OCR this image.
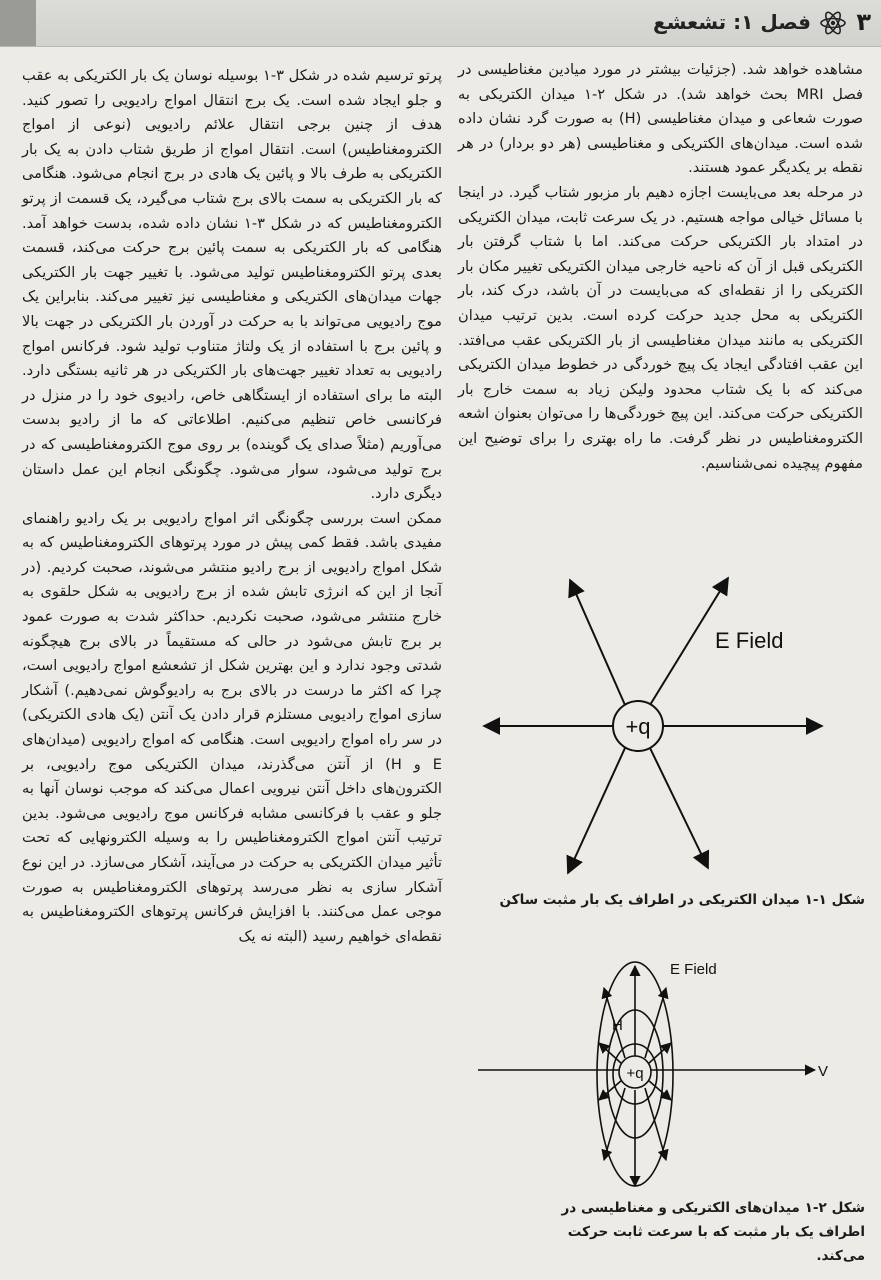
٣
فصل ۱: تشعشع

مشاهده خواهد شد. (جزئیات بیشتر در مورد میادین مغناطیسی در فصل MRI بحث خواهد شد). در شکل ۲-۱ میدان الکتریکی به صورت شعاعی و میدان مغناطیسی (H) به صورت گرد نشان داده شده است. میدان‌های الکتریکی و مغناطیسی (هر دو بردار) در هر نقطه بر یکدیگر عمود هستند.

در مرحله بعد می‌بایست اجازه دهیم بار مزبور شتاب گیرد. در اینجا با مسائل خیالی مواجه هستیم. در یک سرعت ثابت، میدان الکتریکی در امتداد بار الکتریکی حرکت می‌کند. اما با شتاب گرفتن بار الکتریکی قبل از آن که ناحیه خارجی میدان الکتریکی تغییر مکان بار الکتریکی را از نقطه‌ای که می‌بایست در آن باشد، درک کند، بار الکتریکی به محل جدید حرکت کرده است. بدین ترتیب میدان الکتریکی به مانند میدان مغناطیسی از بار الکتریکی عقب می‌افتد. این عقب افتادگی ایجاد یک پیچ خوردگی در خطوط میدان الکتریکی می‌کند که با یک شتاب محدود ولیکن زیاد به سمت خارج بار الکتریکی حرکت می‌کند. این پیچ خوردگی‌ها را می‌توان بعنوان اشعه الکترومغناطیس در نظر گرفت. ما راه بهتری را برای توضیح این مفهوم پیچیده نمی‌شناسیم.

پرتو ترسیم شده در شکل ۳-۱ بوسیله نوسان یک بار الکتریکی به عقب و جلو ایجاد شده است. یک برج انتقال امواج رادیویی را تصور کنید. هدف از چنین برجی انتقال علائم رادیویی (نوعی از امواج الکترومغناطیس) است. انتقال امواج از طریق شتاب دادن به یک بار الکتریکی به طرف بالا و پائین یک هادی در برج انجام می‌شود. هنگامی که بار الکتریکی به سمت بالای برج شتاب می‌گیرد، یک قسمت از پرتو الکترومغناطیس که در شکل ۳-۱ نشان داده شده، بدست خواهد آمد. هنگامی که بار الکتریکی به سمت پائین برج حرکت می‌کند، قسمت بعدی پرتو الکترومغناطیس تولید می‌شود. با تغییر جهت بار الکتریکی جهات میدان‌های الکتریکی و مغناطیسی نیز تغییر می‌کند. بنابراین یک موج رادیویی می‌تواند با به حرکت در آوردن بار الکتریکی در جهت بالا و پائین برج با استفاده از یک ولتاژ متناوب تولید شود. فرکانس امواج رادیویی به تعداد تغییر جهت‌های بار الکتریکی در هر ثانیه بستگی دارد. البته ما برای استفاده از ایستگاهی خاص، رادیوی خود را در منزل در فرکانسی خاص تنظیم می‌کنیم. اطلاعاتی که ما از رادیو بدست می‌آوریم (مثلاً صدای یک گوینده) بر روی موج الکترومغناطیسی که در برج تولید می‌شود، سوار می‌شود. چگونگی انجام این عمل داستان دیگری دارد.

ممکن است بررسی چگونگی اثر امواج رادیویی بر یک رادیو راهنمای مفیدی باشد. فقط کمی پیش در مورد پرتوهای الکترومغناطیس که به شکل امواج رادیویی از برج رادیو منتشر می‌شوند، صحبت کردیم. (در آنجا از این که انرژی تابش شده از برج رادیویی به شکل حلقوی به خارج منتشر می‌شود، صحبت نکردیم. حداکثر شدت به صورت عمود بر برج تابش می‌شود در حالی که مستقیماً در بالای برج هیچگونه شدتی وجود ندارد و این بهترین شکل از تشعشع امواج رادیویی است، چرا که اکثر ما درست در بالای برج به رادیوگوش نمی‌دهیم.) آشکار سازی امواج رادیویی مستلزم قرار دادن یک آنتن (یک هادی الکتریکی) در سر راه امواج رادیویی است. هنگامی که امواج رادیویی (میدان‌های E و H) از آنتن می‌گذرند، میدان الکتریکی موج رادیویی، بر الکترون‌های داخل آنتن نیرویی اعمال می‌کند که موجب نوسان آنها به جلو و عقب با فرکانسی مشابه فرکانس موج رادیویی می‌شود. بدین ترتیب آنتن امواج الکترومغناطیس را به وسیله الکترونهایی که تحت تأثیر میدان الکتریکی به حرکت در می‌آیند، آشکار می‌سازد. در این نوع آشکار سازی به نظر می‌رسد پرتوهای الکترومغناطیس به صورت موجی عمل می‌کنند. با افزایش فرکانس پرتوهای الکترومغناطیس به نقطه‌ای خواهیم رسید (البته نه یک

+q
E Field
شکل ۱-۱ میدان الکتریکی در اطراف یک بار مثبت ساکن
+q
E Field
H
V
شکل ۲-۱ میدان‌های الکتریکی و مغناطیسی در اطراف یک بار مثبت که با سرعت ثابت حرکت می‌کند.
